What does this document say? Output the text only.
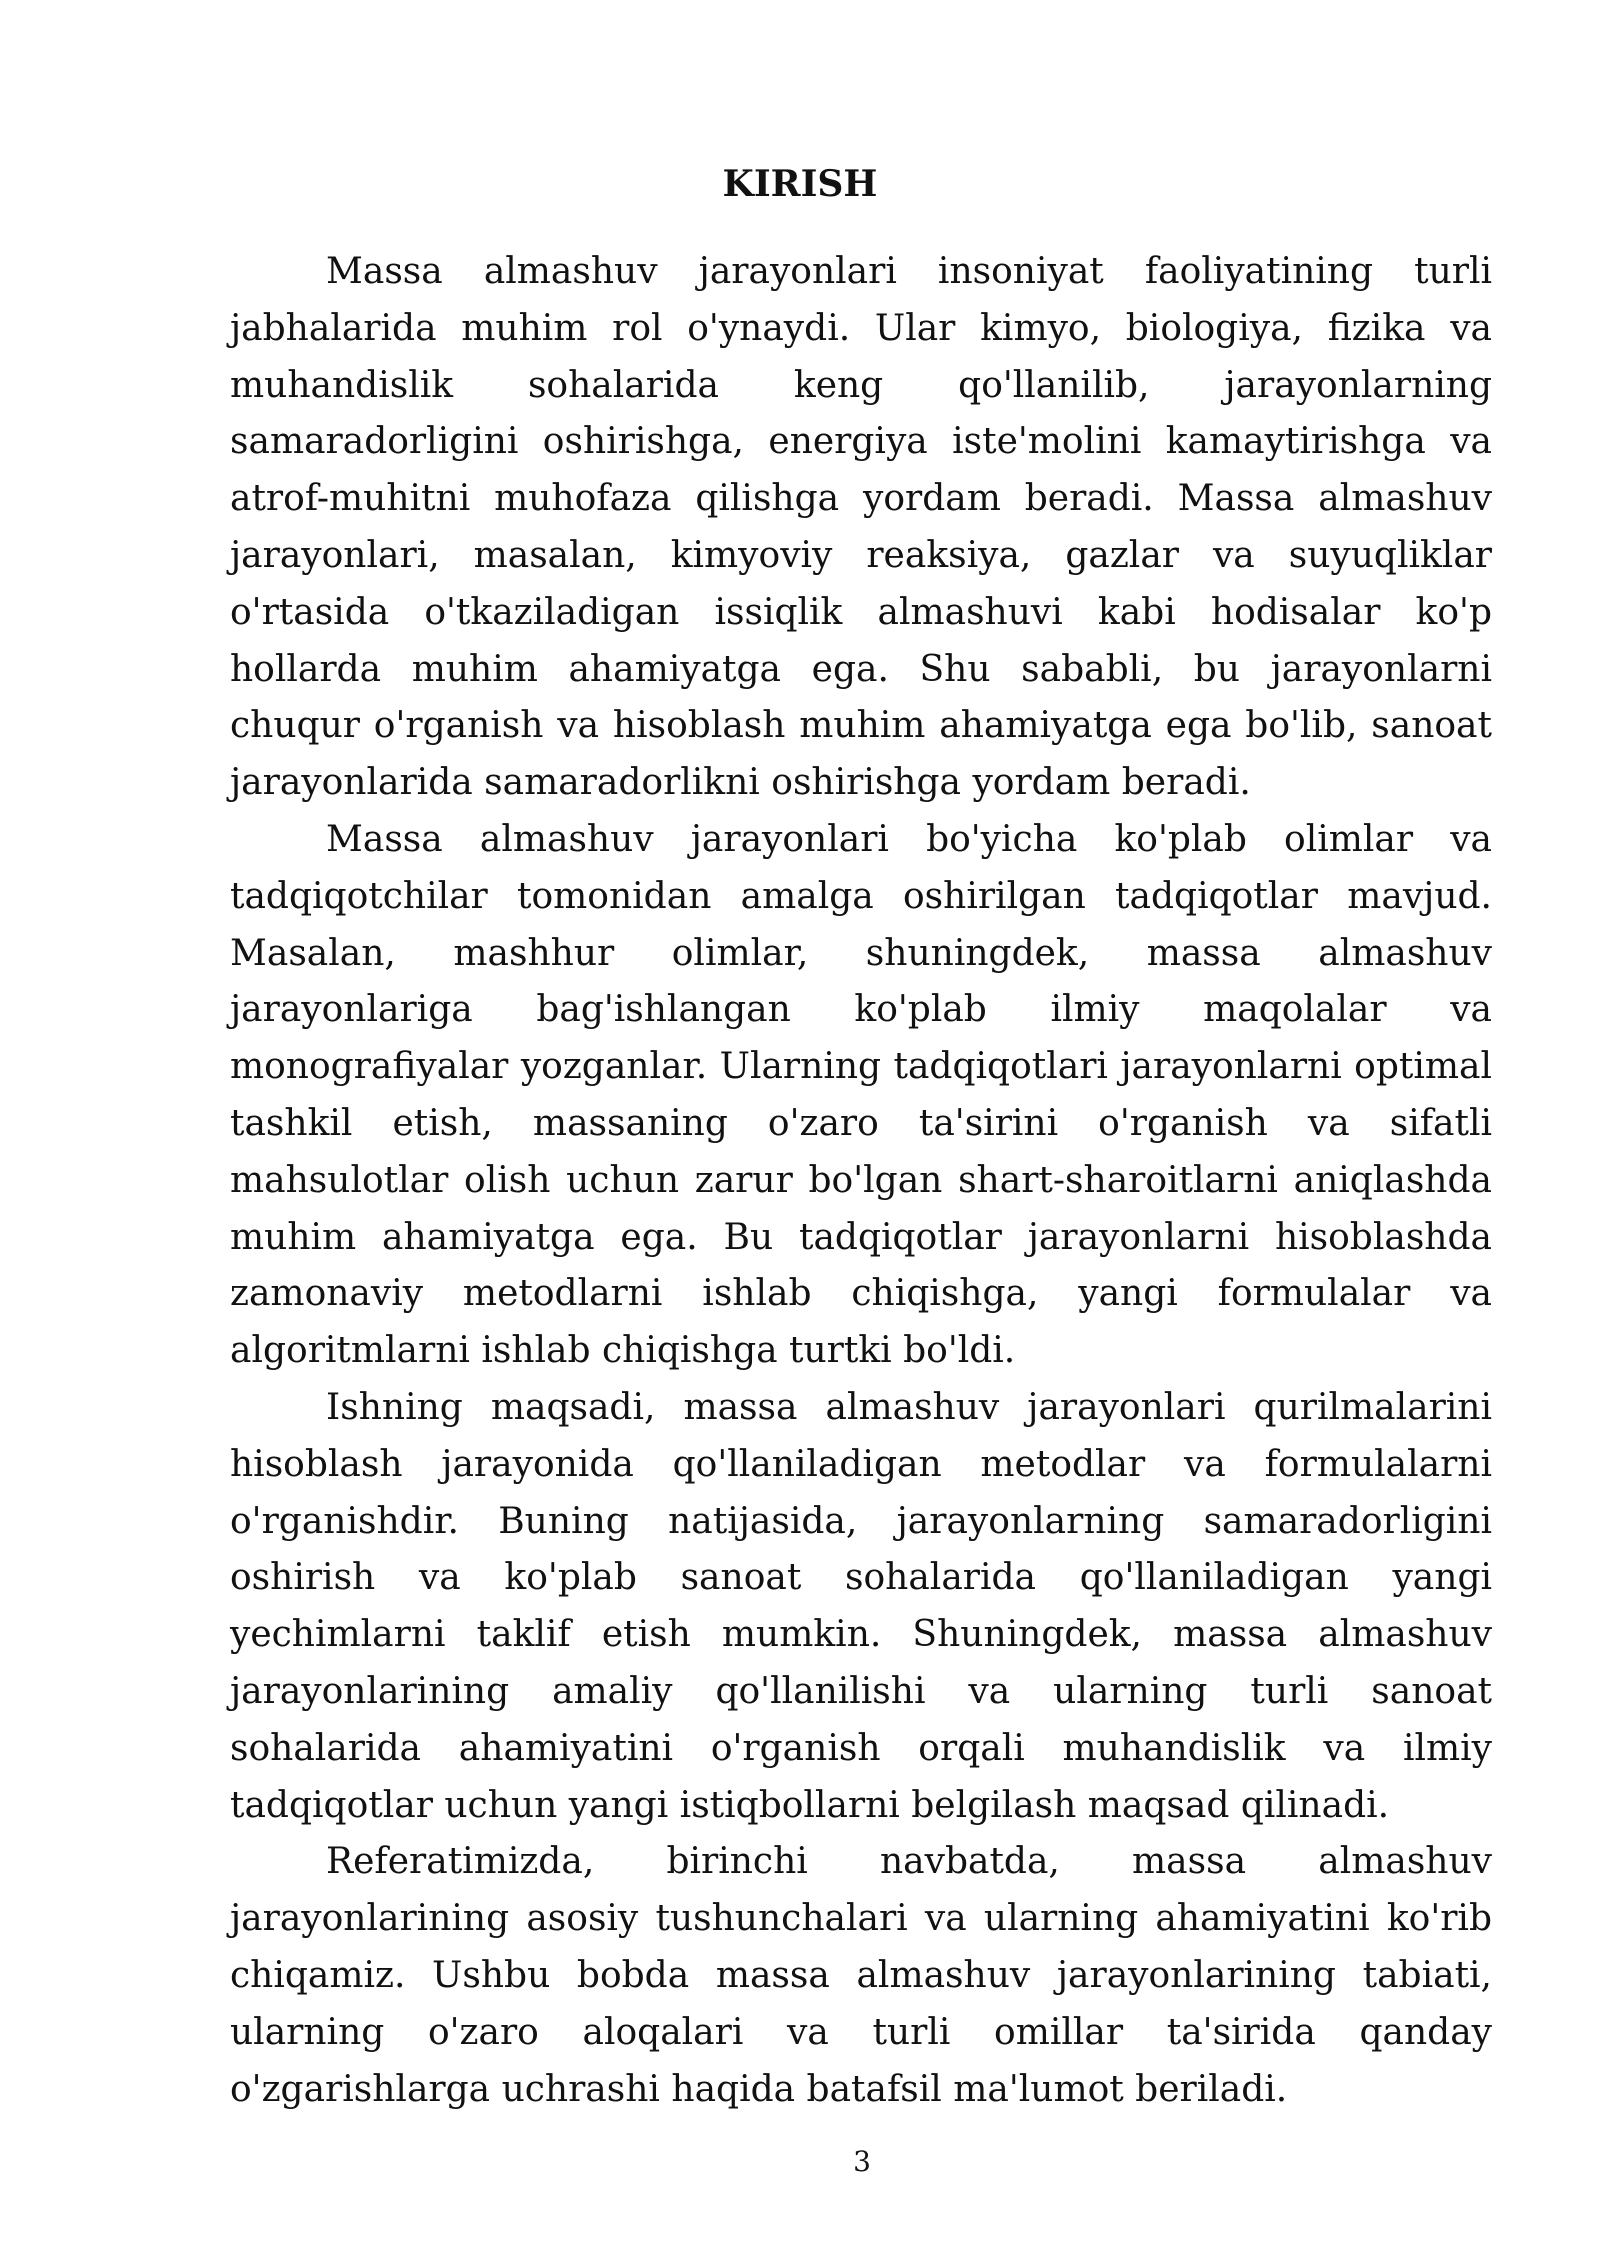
KIRISH

Massa almashuv jarayonlari insoniyat faoliyatining turli jabhalarida muhim rol o'ynaydi. Ular kimyo, biologiya, fizika va muhandislik sohalarida keng qo'llanilib, jarayonlarning samaradorligini oshirishga, energiya iste'molini kamaytirishga va atrof-muhitni muhofaza qilishga yordam beradi. Massa almashuv jarayonlari, masalan, kimyoviy reaksiya, gazlar va suyuqliklar o'rtasida o'tkaziladigan issiqlik almashuvi kabi hodisalar ko'p hollarda muhim ahamiyatga ega. Shu sababli, bu jarayonlarni chuqur o'rganish va hisoblash muhim ahamiyatga ega bo'lib, sanoat jarayonlarida samaradorlikni oshirishga yordam beradi.

Massa almashuv jarayonlari bo'yicha ko'plab olimlar va tadqiqotchilar tomonidan amalga oshirilgan tadqiqotlar mavjud. Masalan, mashhur olimlar, shuningdek, massa almashuv jarayonlariga bag'ishlangan ko'plab ilmiy maqolalar va monografiyalar yozganlar. Ularning tadqiqotlari jarayonlarni optimal tashkil etish, massaning o'zaro ta'sirini o'rganish va sifatli mahsulotlar olish uchun zarur bo'lgan shart-sharoitlarni aniqlashda muhim ahamiyatga ega. Bu tadqiqotlar jarayonlarni hisoblashda zamonaviy metodlarni ishlab chiqishga, yangi formulalar va algoritmlarni ishlab chiqishga turtki bo'ldi.

Ishning maqsadi, massa almashuv jarayonlari qurilmalarini hisoblash jarayonida qo'llaniladigan metodlar va formulalarni o'rganishdir. Buning natijasida, jarayonlarning samaradorligini oshirish va ko'plab sanoat sohalarida qo'llaniladigan yangi yechimlarni taklif etish mumkin. Shuningdek, massa almashuv jarayonlarining amaliy qo'llanilishi va ularning turli sanoat sohalarida ahamiyatini o'rganish orqali muhandislik va ilmiy tadqiqotlar uchun yangi istiqbollarni belgilash maqsad qilinadi.

Referatimizda, birinchi navbatda, massa almashuv jarayonlarining asosiy tushunchalari va ularning ahamiyatini ko'rib chiqamiz. Ushbu bobda massa almashuv jarayonlarining tabiati, ularning o'zaro aloqalari va turli omillar ta'sirida qanday o'zgarishlarga uchrashi haqida batafsil ma'lumot beriladi.

3
